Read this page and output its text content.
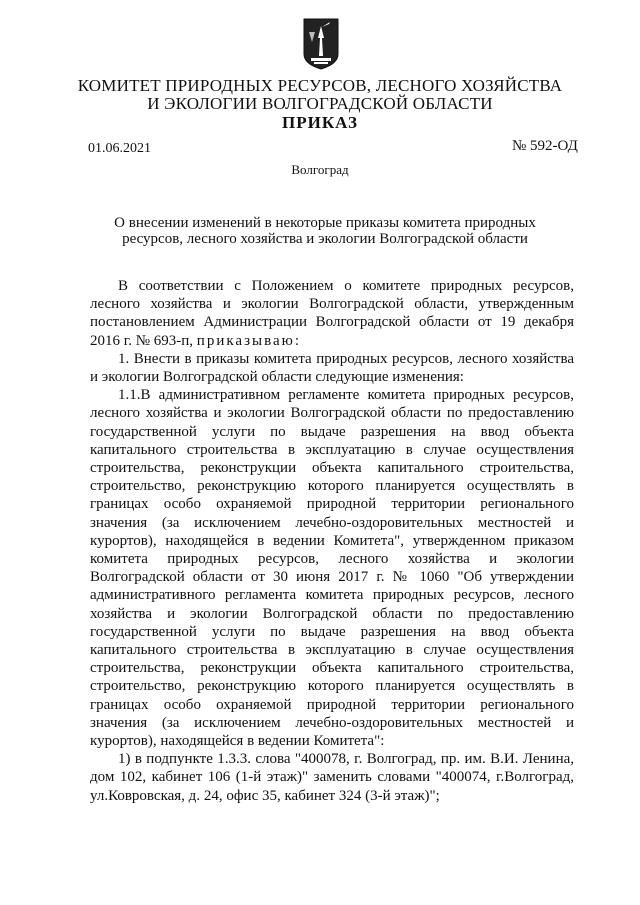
КОМИТЕТ ПРИРОДНЫХ РЕСУРСОВ, ЛЕСНОГО ХОЗЯЙСТВА
И ЭКОЛОГИИ ВОЛГОГРАДСКОЙ ОБЛАСТИ
ПРИКАЗ
01.06.2021	№ 592-ОД
Волгоград
О внесении изменений в некоторые приказы комитета природных ресурсов, лесного хозяйства и экологии Волгоградской области

В соответствии с Положением о комитете природных ресурсов, лесного хозяйства и экологии Волгоградской области, утвержденным постановлением Администрации Волгоградской области от 19 декабря 2016 г. № 693-п, приказываю:

1. Внести в приказы комитета природных ресурсов, лесного хозяйства и экологии Волгоградской области следующие изменения:

1.1.В административном регламенте комитета природных ресурсов, лесного хозяйства и экологии Волгоградской области по предоставлению государственной услуги по выдаче разрешения на ввод объекта капитального строительства в эксплуатацию в случае осуществления строительства, реконструкции объекта капитального строительства, строительство, реконструкцию которого планируется осуществлять в границах особо охраняемой природной территории регионального значения (за исключением лечебно-оздоровительных местностей и курортов), находящейся в ведении Комитета", утвержденном приказом комитета природных ресурсов, лесного хозяйства и экологии Волгоградской области от 30 июня 2017 г. № 1060 "Об утверждении административного регламента комитета природных ресурсов, лесного хозяйства и экологии Волгоградской области по предоставлению государственной услуги по выдаче разрешения на ввод объекта капитального строительства в эксплуатацию в случае осуществления строительства, реконструкции объекта капитального строительства, строительство, реконструкцию которого планируется осуществлять в границах особо охраняемой природной территории регионального значения (за исключением лечебно-оздоровительных местностей и курортов), находящейся в ведении Комитета":

1) в подпункте 1.3.3. слова "400078, г. Волгоград, пр. им. В.И. Ленина, дом 102, кабинет 106 (1-й этаж)" заменить словами "400074, г.Волгоград, ул.Ковровская, д. 24, офис 35, кабинет 324 (3-й этаж)";
